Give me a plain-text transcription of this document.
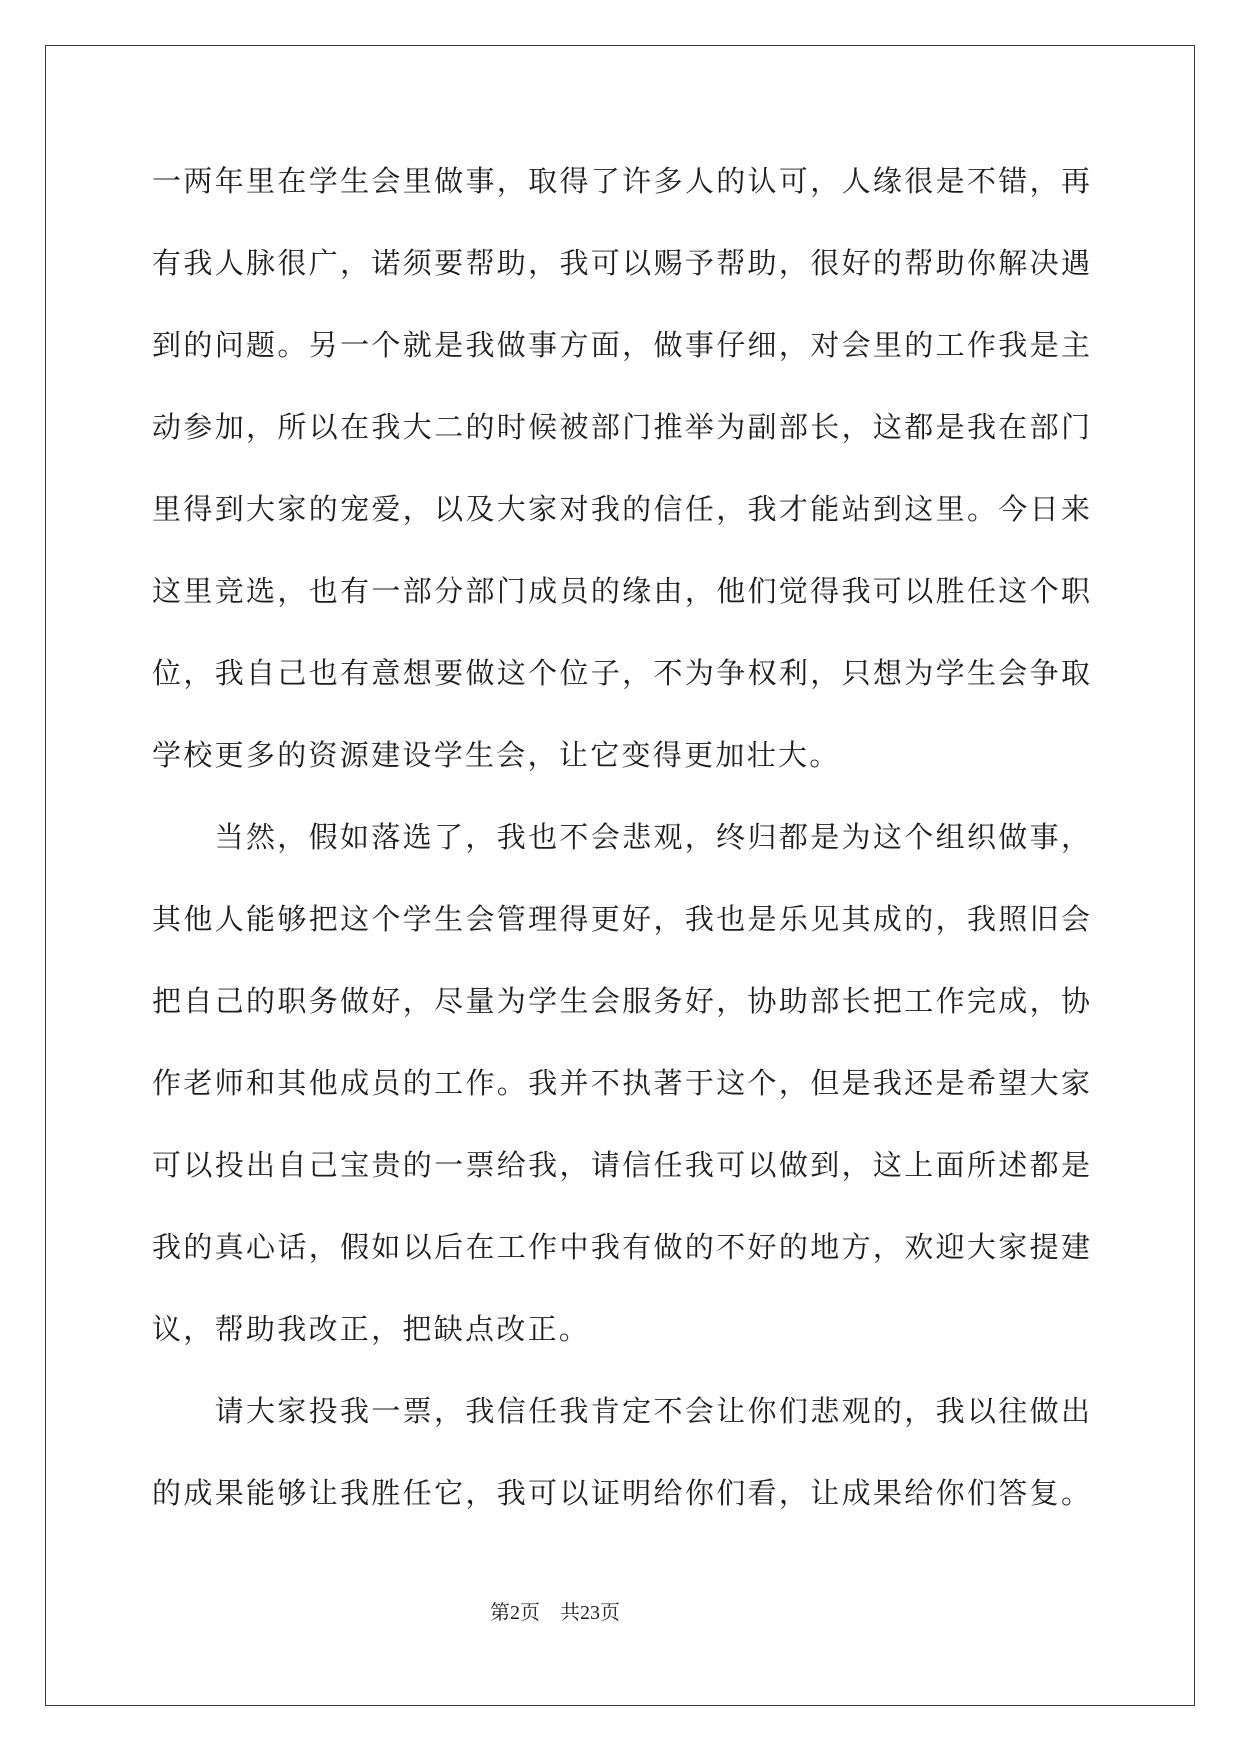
一两年里在学生会里做事，取得了许多人的认可，人缘很是不错，再
有我人脉很广，诺须要帮助，我可以赐予帮助，很好的帮助你解决遇
到的问题。另一个就是我做事方面，做事仔细，对会里的工作我是主
动参加，所以在我大二的时候被部门推举为副部长，这都是我在部门
里得到大家的宠爱，以及大家对我的信任，我才能站到这里。今日来
这里竞选，也有一部分部门成员的缘由，他们觉得我可以胜任这个职
位，我自己也有意想要做这个位子，不为争权利，只想为学生会争取
学校更多的资源建设学生会，让它变得更加壮大。
当然，假如落选了，我也不会悲观，终归都是为这个组织做事，
其他人能够把这个学生会管理得更好，我也是乐见其成的，我照旧会
把自己的职务做好，尽量为学生会服务好，协助部长把工作完成，协
作老师和其他成员的工作。我并不执著于这个，但是我还是希望大家
可以投出自己宝贵的一票给我，请信任我可以做到，这上面所述都是
我的真心话，假如以后在工作中我有做的不好的地方，欢迎大家提建
议，帮助我改正，把缺点改正。
请大家投我一票，我信任我肯定不会让你们悲观的，我以往做出
的成果能够让我胜任它，我可以证明给你们看，让成果给你们答复。
第2页 共23页
